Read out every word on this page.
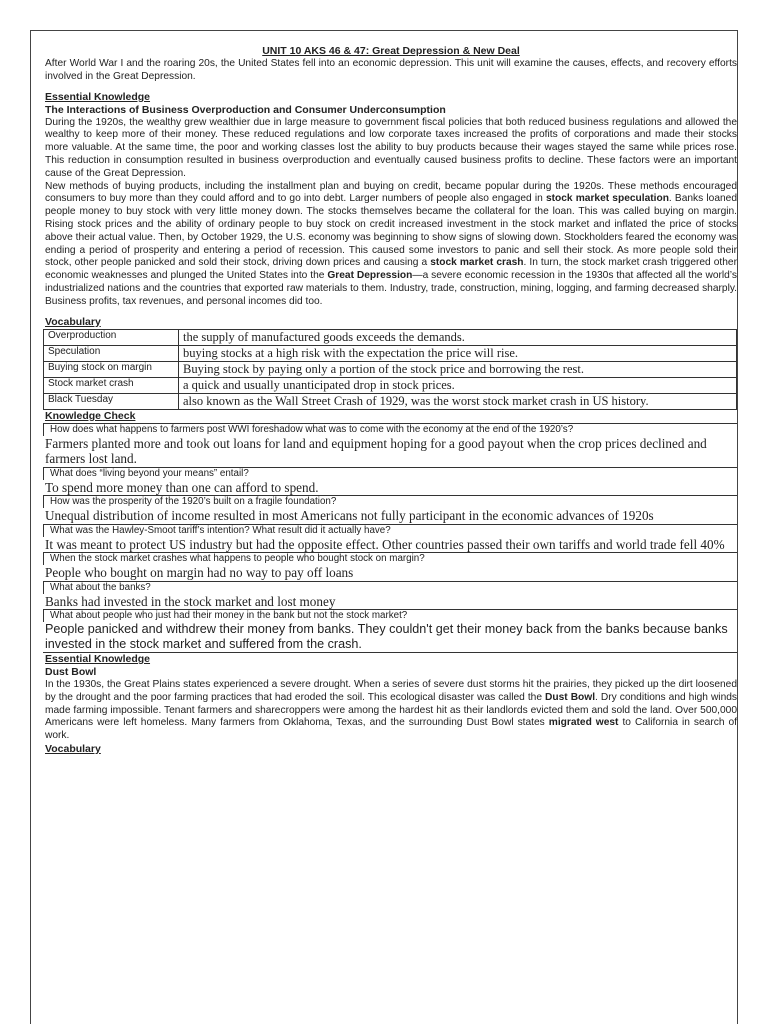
UNIT 10 AKS 46 & 47: Great Depression & New Deal

After World War I and the roaring 20s, the United States fell into an economic depression. This unit will examine the causes, effects, and recovery efforts involved in the Great Depression.

Essential Knowledge

The Interactions of Business Overproduction and Consumer Underconsumption

During the 1920s, the wealthy grew wealthier due in large measure to government fiscal policies that both reduced business regulations and allowed the wealthy to keep more of their money. These reduced regulations and low corporate taxes increased the profits of corporations and made their stocks more valuable. At the same time, the poor and working classes lost the ability to buy products because their wages stayed the same while prices rose. This reduction in consumption resulted in business overproduction and eventually caused business profits to decline. These factors were an important cause of the Great Depression.

New methods of buying products, including the installment plan and buying on credit, became popular during the 1920s. These methods encouraged consumers to buy more than they could afford and to go into debt. Larger numbers of people also engaged in stock market speculation. Banks loaned people money to buy stock with very little money down. The stocks themselves became the collateral for the loan. This was called buying on margin. Rising stock prices and the ability of ordinary people to buy stock on credit increased investment in the stock market and inflated the price of stocks above their actual value. Then, by October 1929, the U.S. economy was beginning to show signs of slowing down. Stockholders feared the economy was ending a period of prosperity and entering a period of recession. This caused some investors to panic and sell their stock. As more people sold their stock, other people panicked and sold their stock, driving down prices and causing a stock market crash. In turn, the stock market crash triggered other economic weaknesses and plunged the United States into the Great Depression—a severe economic recession in the 1930s that affected all the world’s industrialized nations and the countries that exported raw materials to them. Industry, trade, construction, mining, logging, and farming decreased sharply. Business profits, tax revenues, and personal incomes did too.

Vocabulary

Overproduction	the supply of manufactured goods exceeds the demands.
Speculation	buying stocks at a high risk with the expectation the price will rise.
Buying stock on margin	Buying stock by paying only a portion of the stock price and borrowing the rest.
Stock market crash	a quick and usually unanticipated drop in stock prices.
Black Tuesday	also known as the Wall Street Crash of 1929, was the worst stock market crash in US history.

Knowledge Check

How does what happens to farmers post WWI foreshadow what was to come with the economy at the end of the 1920’s?

Farmers planted more and took out loans for land and equipment hoping for a good payout when the crop prices declined and farmers lost land.

What does “living beyond your means” entail?

To spend more money than one can afford to spend.

How was the prosperity of the 1920’s built on a fragile foundation?

Unequal distribution of income resulted in most Americans not fully participant in the economic advances of 1920s

What was the Hawley-Smoot tariff’s intention? What result did it actually have?

It was meant to protect US industry but had the opposite effect. Other countries passed their own tariffs and world trade fell 40%

When the stock market crashes what happens to people who bought stock on margin?

People who bought on margin had no way to pay off loans

What about the banks?

Banks had invested in the stock market and lost money

What about people who just had their money in the bank but not the stock market?

People panicked and withdrew their money from banks. They couldn't get their money back from the banks because banks invested in the stock market and suffered from the crash.

Essential Knowledge

Dust Bowl

In the 1930s, the Great Plains states experienced a severe drought. When a series of severe dust storms hit the prairies, they picked up the dirt loosened by the drought and the poor farming practices that had eroded the soil. This ecological disaster was called the Dust Bowl. Dry conditions and high winds made farming impossible. Tenant farmers and sharecroppers were among the hardest hit as their landlords evicted them and sold the land. Over 500,000 Americans were left homeless. Many farmers from Oklahoma, Texas, and the surrounding Dust Bowl states migrated west to California in search of work.

Vocabulary
